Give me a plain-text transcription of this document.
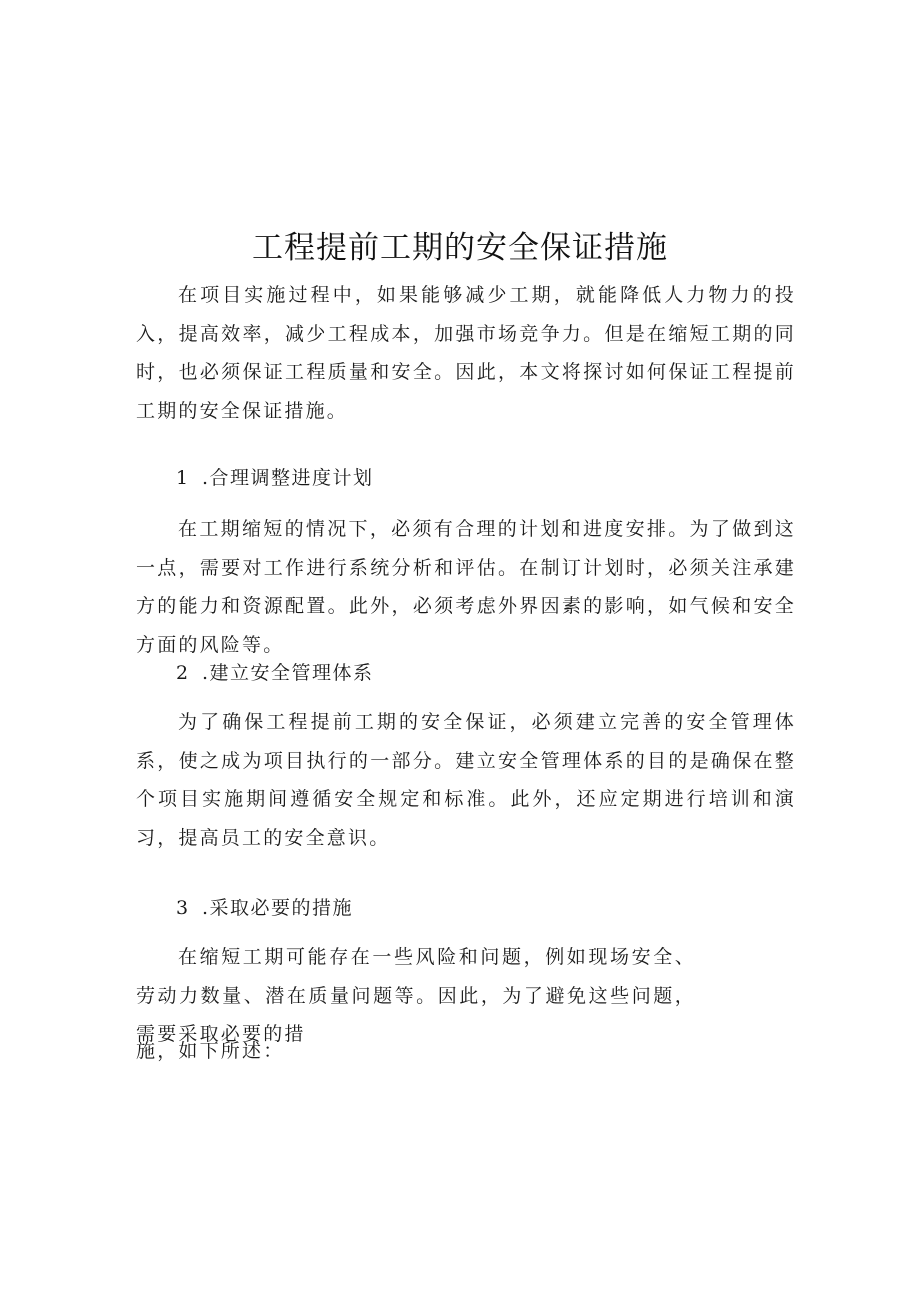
工程提前工期的安全保证措施

在项目实施过程中，如果能够减少工期，就能降低人力物力的投入，提高效率，减少工程成本，加强市场竞争力。但是在缩短工期的同时，也必须保证工程质量和安全。因此，本文将探讨如何保证工程提前工期的安全保证措施。

1 .合理调整进度计划

在工期缩短的情况下，必须有合理的计划和进度安排。为了做到这一点，需要对工作进行系统分析和评估。在制订计划时，必须关注承建方的能力和资源配置。此外，必须考虑外界因素的影响，如气候和安全方面的风险等。

2 .建立安全管理体系

为了确保工程提前工期的安全保证，必须建立完善的安全管理体系，使之成为项目执行的一部分。建立安全管理体系的目的是确保在整个项目实施期间遵循安全规定和标准。此外，还应定期进行培训和演习，提高员工的安全意识。

3 .采取必要的措施

在缩短工期可能存在一些风险和问题，例如现场安全、劳动力数量、潜在质量问题等。因此，为了避免这些问题，需要采取必要的措

施，如下所述：
